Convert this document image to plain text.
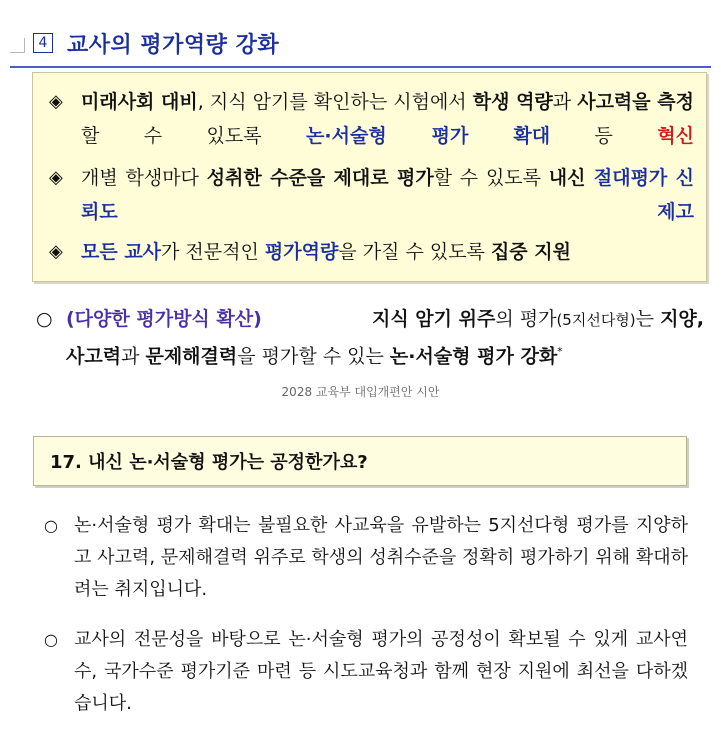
4 교사의 평가역량 강화
◈ 미래사회 대비, 지식 암기를 확인하는 시험에서 학생 역량과 사고력을 측정할 수 있도록 논·서술형 평가 확대 등 혁신
◈ 개별 학생마다 성취한 수준을 제대로 평가할 수 있도록 내신 절대평가 신뢰도 제고
◈ 모든 교사가 전문적인 평가역량을 가질 수 있도록 집중 지원
○ (다양한 평가방식 확산)	지식 암기 위주의 평가(5지선다형)는 지양,
사고력과 문제해결력을 평가할 수 있는 논·서술형 평가 강화*
2028 교육부 대입개편안 시안
17. 내신 논·서술형 평가는 공정한가요?
○ 논·서술형 평가 확대는 불필요한 사교육을 유발하는 5지선다형 평가를 지양하고 사고력, 문제해결력 위주로 학생의 성취수준을 정확히 평가하기 위해 확대하려는 취지입니다.
○ 교사의 전문성을 바탕으로 논·서술형 평가의 공정성이 확보될 수 있게 교사연수, 국가수준 평가기준 마련 등 시도교육청과 함께 현장 지원에 최선을 다하겠습니다.
